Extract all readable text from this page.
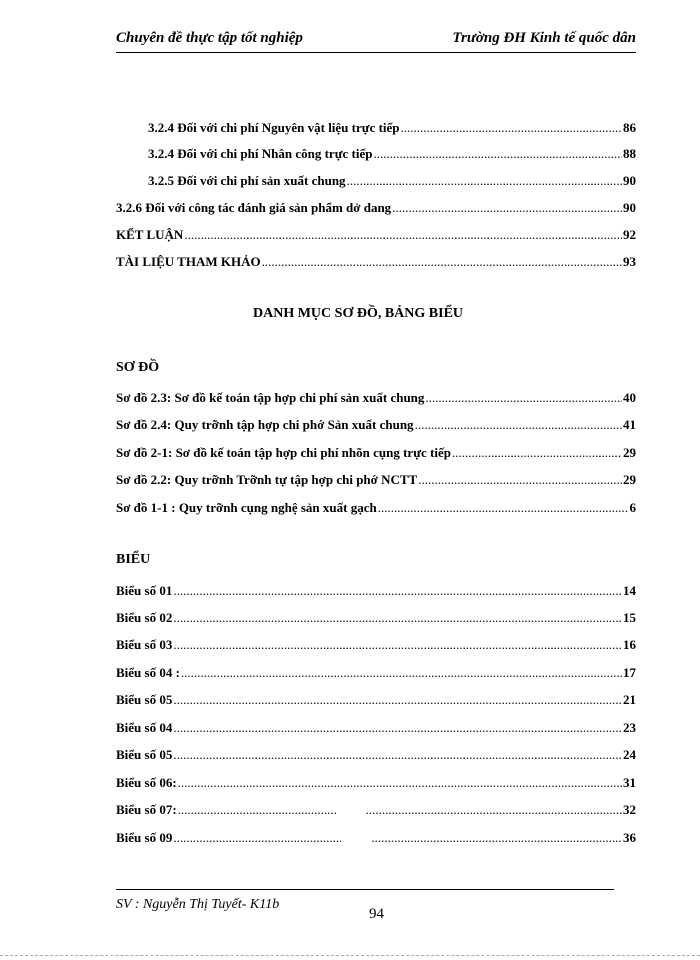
Chuyên đề thực tập tốt nghiệp	Trường ĐH Kinh tế quốc dân
3.2.4 Đối với chi phí Nguyên vật liệu trực tiếp .....	86
3.2.4 Đối với chi phí Nhân công trực tiếp .....	88
3.2.5 Đối với chi phí sản xuất chung .....	90
3.2.6 Đối với công tác đánh giá sản phẩm dở dang .....	90
KẾT LUẬN .....	92
TÀI LIỆU THAM KHẢO .....	93
DANH MỤC SƠ ĐỒ, BẢNG BIỂU
SƠ ĐỒ
Sơ đồ 2.3: Sơ đồ kế toán tập hợp chi phí sản xuất chung .....	40
Sơ đồ 2.4: Quy trỡnh tập hợp chi phớ Sản xuất chung .....	41
Sơ đồ 2-1: Sơ đồ kế toán tập hợp chi phí nhõn cụng trực tiếp .....	29
Sơ đồ 2.2: Quy trỡnh Trỡnh tự tập hợp chi phớ NCTT .....	29
Sơ đồ 1-1 : Quy trỡnh cụng nghệ sản xuất gạch .....	6
BIỂU
Biểu số 01 .....	14
Biểu số 02 .....	15
Biểu số 03 .....	16
Biểu số 04 : .....	17
Biểu số 05 .....	21
Biểu số 04 .....	23
Biểu số 05 .....	24
Biểu số 06: .....	31
Biểu số 07: ..... .....	32
Biểu số 09 ..... .....	36
SV : Nguyễn Thị Tuyết- K11b
94
